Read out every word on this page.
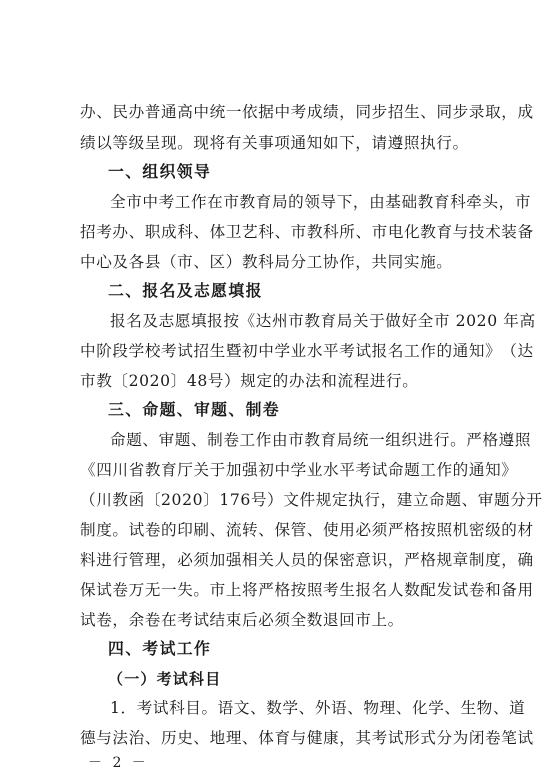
办 、 民 办 普 通 高 中 统 一 依 据 中 考 成 绩 ， 同 步 招 生 、 同 步 录 取 ， 成
绩以等级呈现。现将有关事项通知如下，请遵照执行。
一、组织领导
全市中考工作在市教育局的领导下，由基础教育科牵头，市
招 考 办 、 职 成 科 、 体 卫 艺 科 、 市 教 科 所 、 市 电 化 教 育 与 技 术 装 备
中心及各县（市、区）教科局分工协作，共同实施。
二、报名及志愿填报
报名及志愿填报按《达州市教育局关于做好全市 2020 年高
中 阶 段 学 校 考 试 招 生 暨 初 中 学 业 水 平 考 试 报 名 工 作 的 通 知 》 （ 达
市教〔2020〕48号）规定的办法和流程进行。
三、命题、审题、制卷
命题、审题、制卷工作由市教育局统一组织进行。严格遵照
《 四 川 省 教 育 厅 关 于 加 强 初 中 学 业 水 平 考 试 命 题 工 作 的 通 知 》
（ 川 教 函 〔 2 0 2 0 〕 1 7 6 号 ） 文 件 规 定 执 行 ， 建 立 命 题 、 审 题 分 开
制 度 。 试 卷 的 印 刷 、 流 转 、 保 管 、 使 用 必 须 严 格 按 照 机 密 级 的 材
料 进 行 管 理 ， 必 须 加 强 相 关 人 员 的 保 密 意 识 ， 严 格 规 章 制 度 ， 确
保 试 卷 万 无 一 失 。 市 上 将 严 格 按 照 考 生 报 名 人 数 配 发 试 卷 和 备 用
试卷，余卷在考试结束后必须全数退回市上。
四、考试工作
（一）考试科目
1．考试科目。语文、数学、外语、物理、化学、生物、道
德 与 法 治 、 历 史 、 地 理 、 体 育 与 健 康 ， 其 考 试 形 式 分 为 闭 卷 笔 试
－ 2 －
